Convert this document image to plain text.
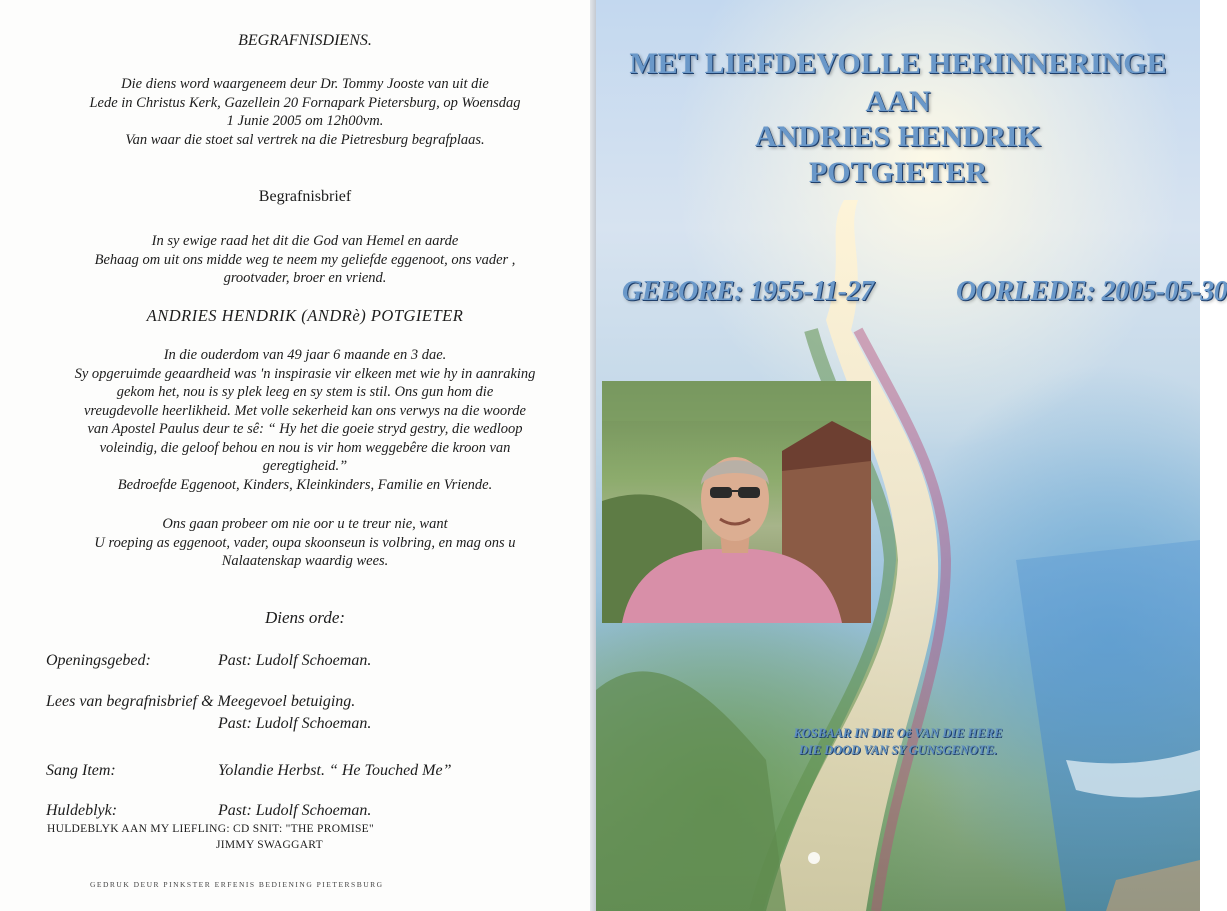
BEGRAFNISDIENS.
Die diens word waargeneem deur Dr. Tommy Jooste van uit die
Lede in Christus Kerk, Gazellein 20 Fornapark Pietersburg, op Woensdag
1 Junie 2005 om 12h00vm.
Van waar die stoet sal vertrek na die Pietresburg begrafplaas.
Begrafnisbrief
In sy ewige raad het dit die God van Hemel en aarde
Behaag om uit ons midde weg te neem my geliefde eggenoot, ons vader ,
grootvader, broer en vriend.
ANDRIES HENDRIK (ANDRè) POTGIETER
In die ouderdom van 49 jaar 6 maande en 3 dae.
Sy opgeruimde geaardheid was 'n inspirasie vir elkeen met wie hy in aanraking
gekom het, nou is sy plek leeg en sy stem is stil. Ons gun hom die
vreugdevolle heerlikheid. Met volle sekerheid kan ons verwys na die woorde
van Apostel Paulus deur te sê: “ Hy het die goeie stryd gestry, die wedloop
voleindig, die geloof behou en nou is vir hom weggebêre die kroon van
geregtigheid.”
Bedroefde Eggenoot, Kinders, Kleinkinders, Familie en Vriende.
Ons gaan probeer om nie oor u te treur nie, want
U roeping as eggenoot, vader, oupa skoonseun is volbring, en mag ons u
Nalaatenskap waardig wees.
Diens orde:
Openingsgebed:	Past: Ludolf Schoeman.
Lees van begrafnisbrief & Meegevoel betuiging.
Past: Ludolf Schoeman.
Sang Item:	Yolandie Herbst. “ He Touched Me”
Huldeblyk:	Past: Ludolf Schoeman.
HULDEBLYK AAN MY LIEFLING: CD SNIT: "THE PROMISE"
JIMMY SWAGGART
GEDRUK DEUR PINKSTER ERFENIS BEDIENING PIETERSBURG
MET LIEFDEVOLLE HERINNERINGE
AAN
ANDRIES HENDRIK
POTGIETER
GEBORE: 1955-11-27	OORLEDE: 2005-05-30
KOSBAAR IN DIE Oë VAN DIE HERE
DIE DOOD VAN SY GUNSGENOTE.
